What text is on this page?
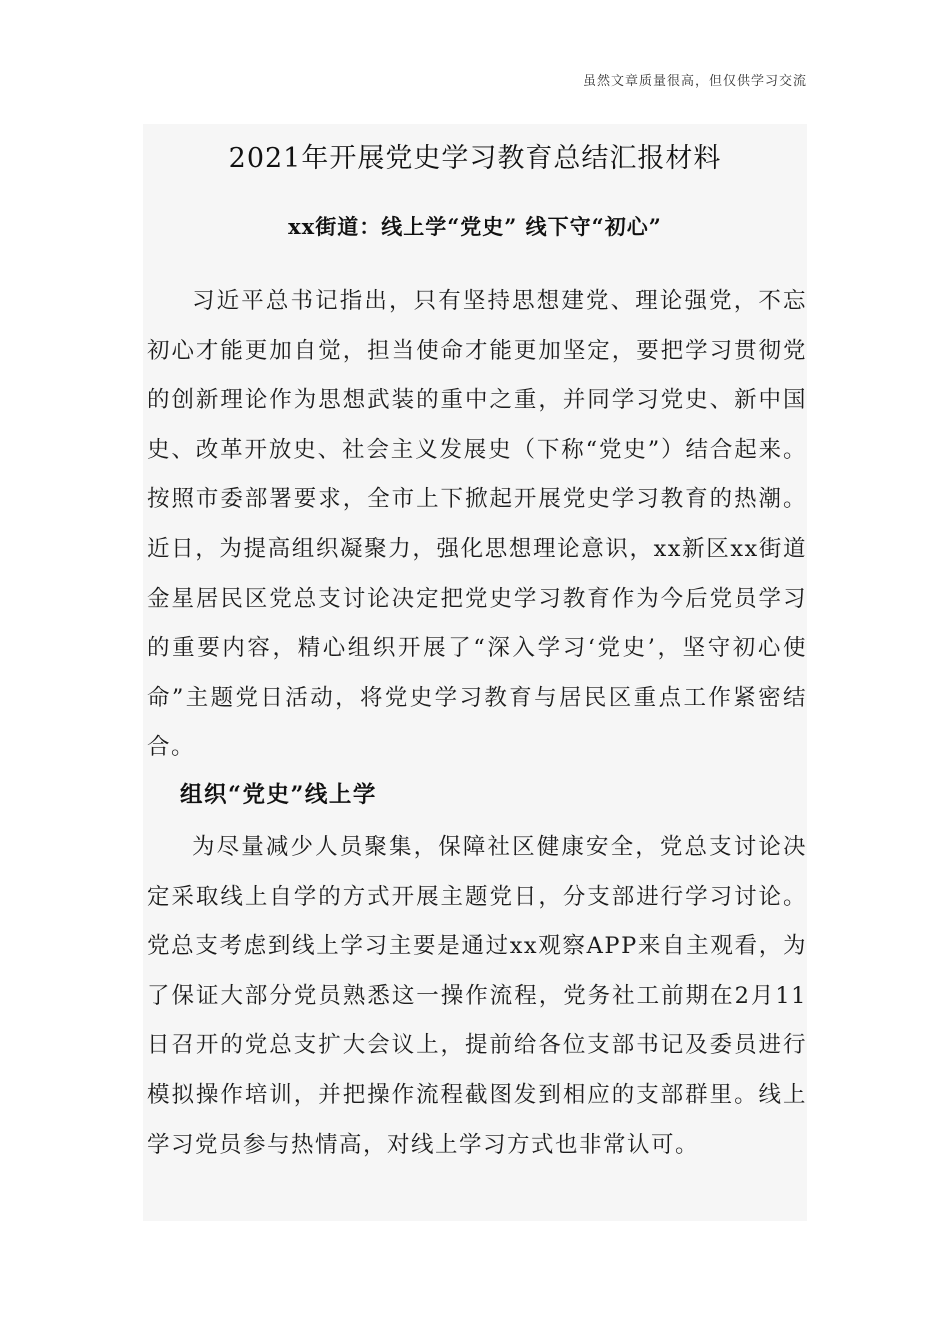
虽然文章质量很高，但仅供学习交流
2021年开展党史学习教育总结汇报材料
xx街道：线上学“党史” 线下守“初心”
习近平总书记指出，只有坚持思想建党、理论强党，不忘初心才能更加自觉，担当使命才能更加坚定，要把学习贯彻党的创新理论作为思想武装的重中之重，并同学习党史、新中国史、改革开放史、社会主义发展史（下称“党史”）结合起来。按照市委部署要求，全市上下掀起开展党史学习教育的热潮。近日，为提高组织凝聚力，强化思想理论意识，xx新区xx街道金星居民区党总支讨论决定把党史学习教育作为今后党员学习的重要内容，精心组织开展了“深入学习‘党史’，坚守初心使命”主题党日活动，将党史学习教育与居民区重点工作紧密结合。
组织“党史”线上学
为尽量减少人员聚集，保障社区健康安全，党总支讨论决定采取线上自学的方式开展主题党日，分支部进行学习讨论。党总支考虑到线上学习主要是通过xx观察APP来自主观看，为了保证大部分党员熟悉这一操作流程，党务社工前期在2月11日召开的党总支扩大会议上，提前给各位支部书记及委员进行模拟操作培训，并把操作流程截图发到相应的支部群里。线上学习党员参与热情高，对线上学习方式也非常认可。
